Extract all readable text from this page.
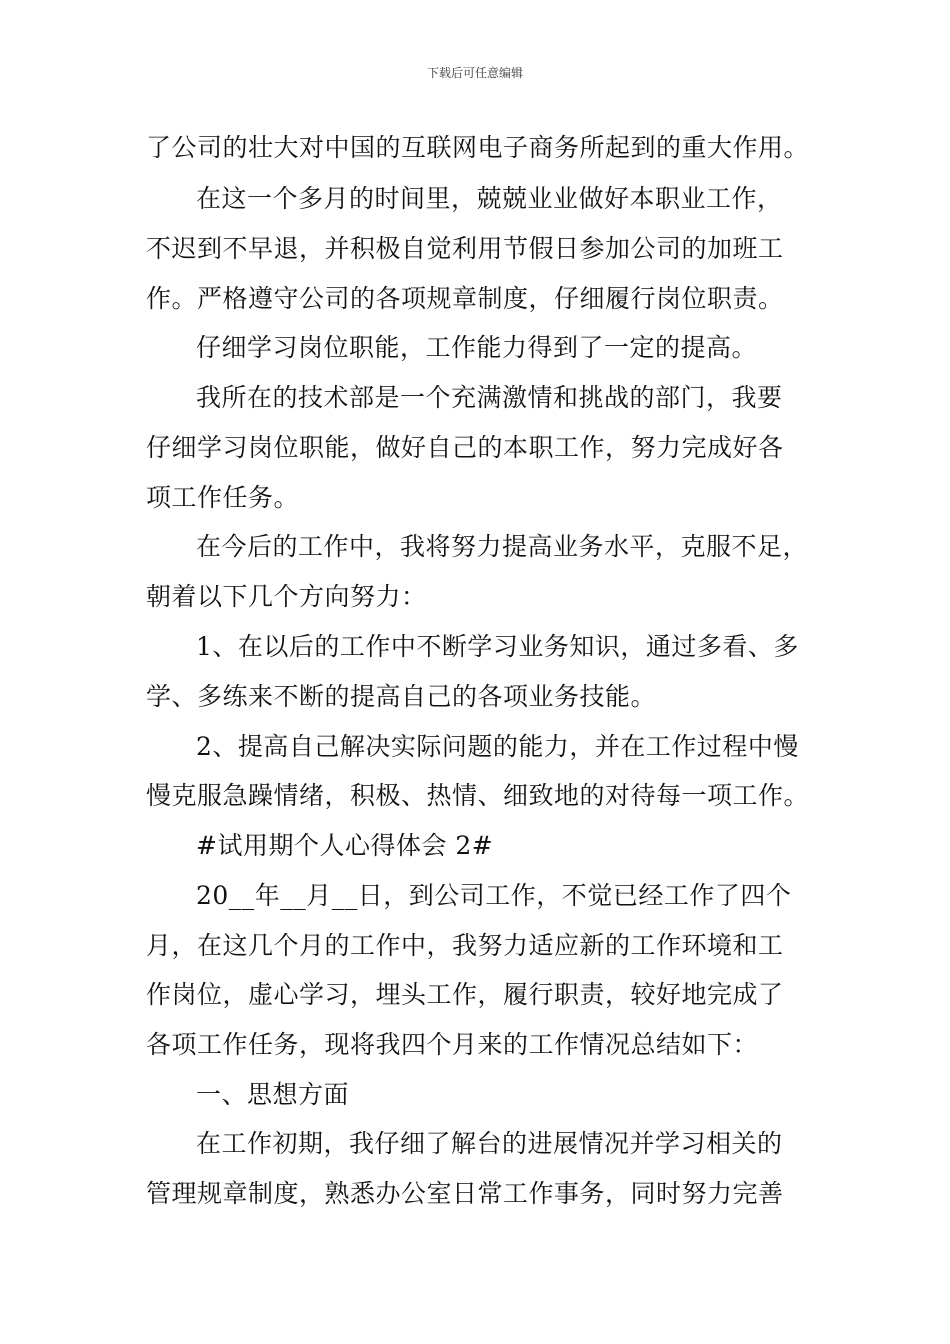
下载后可任意编辑
了公司的壮大对中国的互联网电子商务所起到的重大作用。
在这一个多月的时间里，兢兢业业做好本职业工作，
不迟到不早退，并积极自觉利用节假日参加公司的加班工
作。严格遵守公司的各项规章制度，仔细履行岗位职责。
仔细学习岗位职能，工作能力得到了一定的提高。
我所在的技术部是一个充满激情和挑战的部门，我要
仔细学习岗位职能，做好自己的本职工作，努力完成好各
项工作任务。
在今后的工作中，我将努力提高业务水平，克服不足，
朝着以下几个方向努力：
1、在以后的工作中不断学习业务知识，通过多看、多
学、多练来不断的提高自己的各项业务技能。
2、提高自己解决实际问题的能力，并在工作过程中慢
慢克服急躁情绪，积极、热情、细致地的对待每一项工作。
#试用期个人心得体会 2#
20__年__月__日，到公司工作，不觉已经工作了四个
月，在这几个月的工作中，我努力适应新的工作环境和工
作岗位，虚心学习，埋头工作，履行职责，较好地完成了
各项工作任务，现将我四个月来的工作情况总结如下：
一、思想方面
在工作初期，我仔细了解台的进展情况并学习相关的
管理规章制度，熟悉办公室日常工作事务，同时努力完善
